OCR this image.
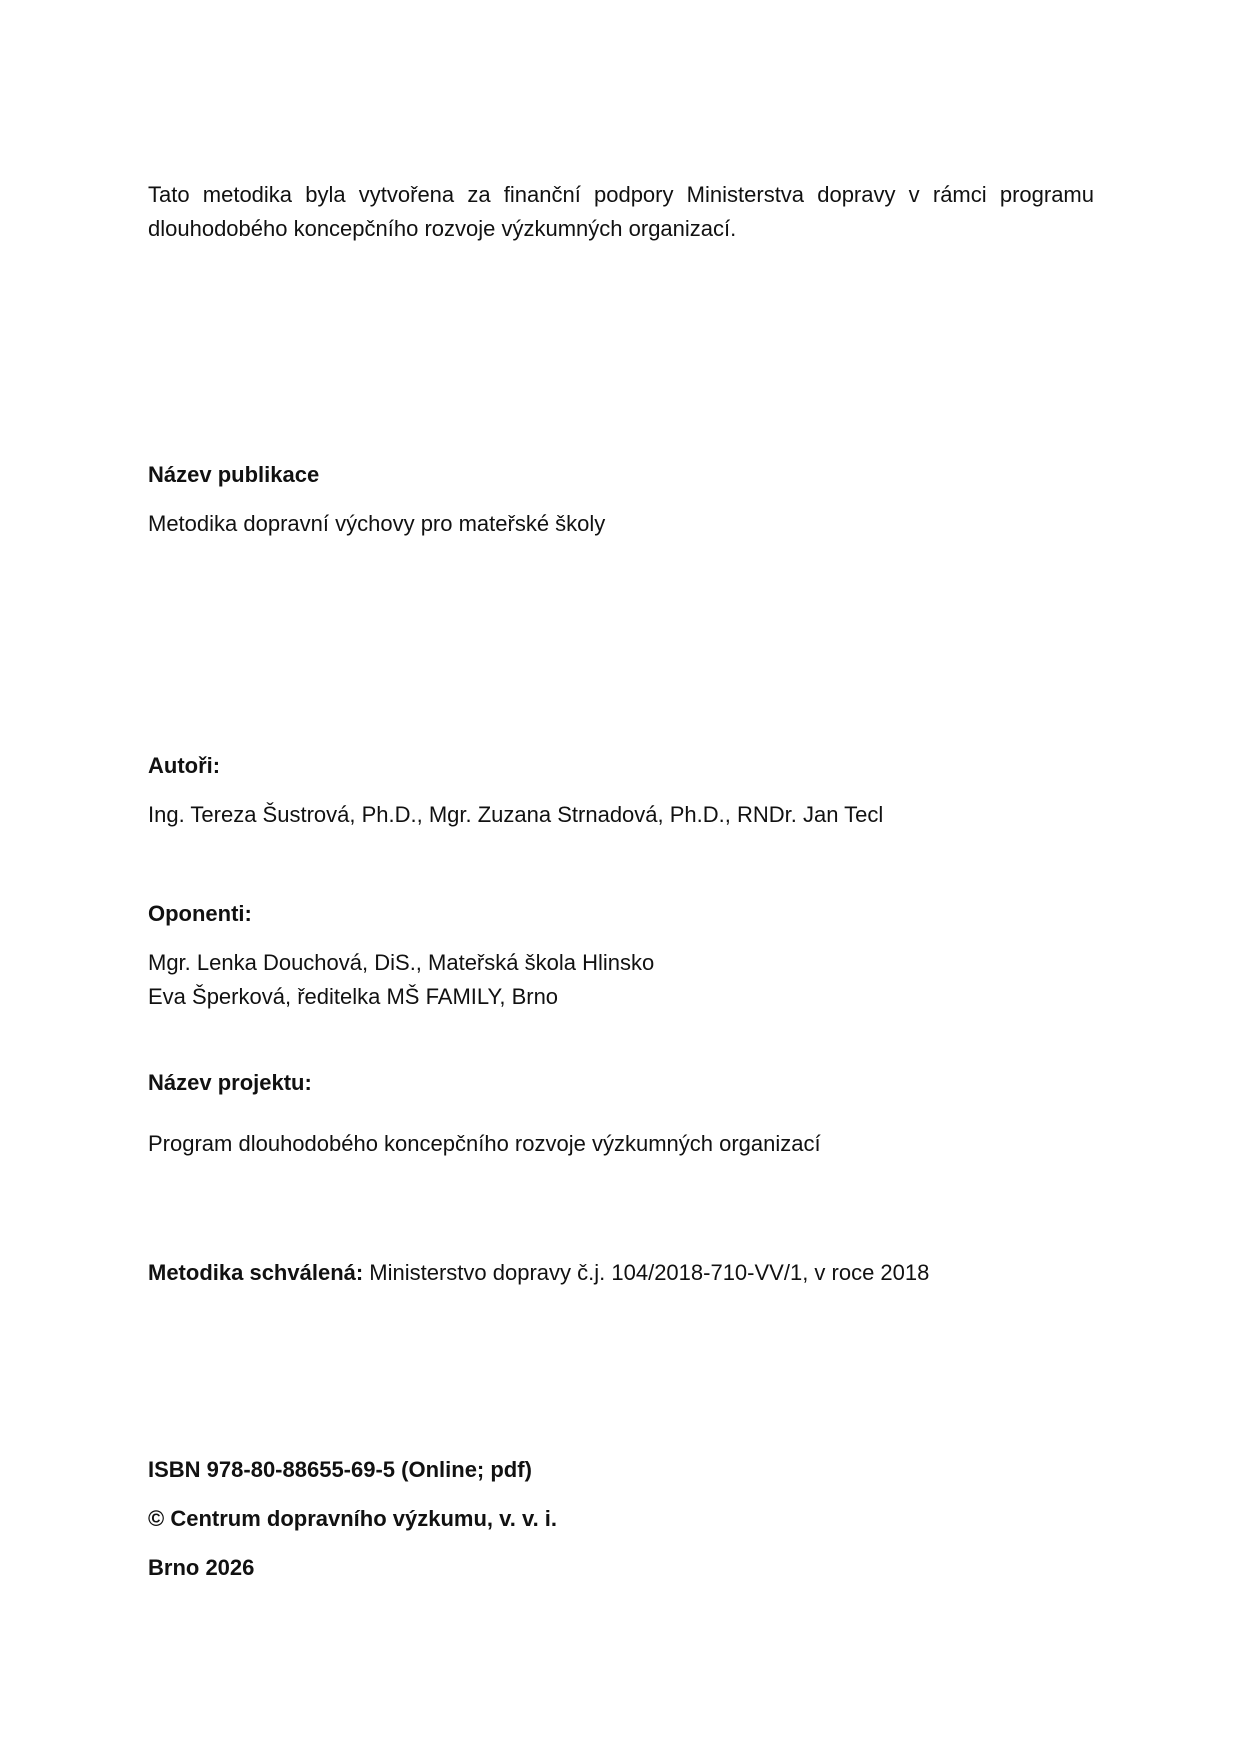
Tato metodika byla vytvořena za finanční podpory Ministerstva dopravy v rámci programu dlouhodobého koncepčního rozvoje výzkumných organizací.
Název publikace
Metodika dopravní výchovy pro mateřské školy
Autoři:
Ing. Tereza Šustrová, Ph.D., Mgr. Zuzana Strnadová, Ph.D., RNDr. Jan Tecl
Oponenti:
Mgr. Lenka Douchová, DiS., Mateřská škola Hlinsko
Eva Šperková, ředitelka MŠ FAMILY, Brno
Název projektu:
Program dlouhodobého koncepčního rozvoje výzkumných organizací
Metodika schválená: Ministerstvo dopravy č.j. 104/2018-710-VV/1, v roce 2018
ISBN 978-80-88655-69-5 (Online; pdf)
© Centrum dopravního výzkumu, v. v. i.
Brno 2026
